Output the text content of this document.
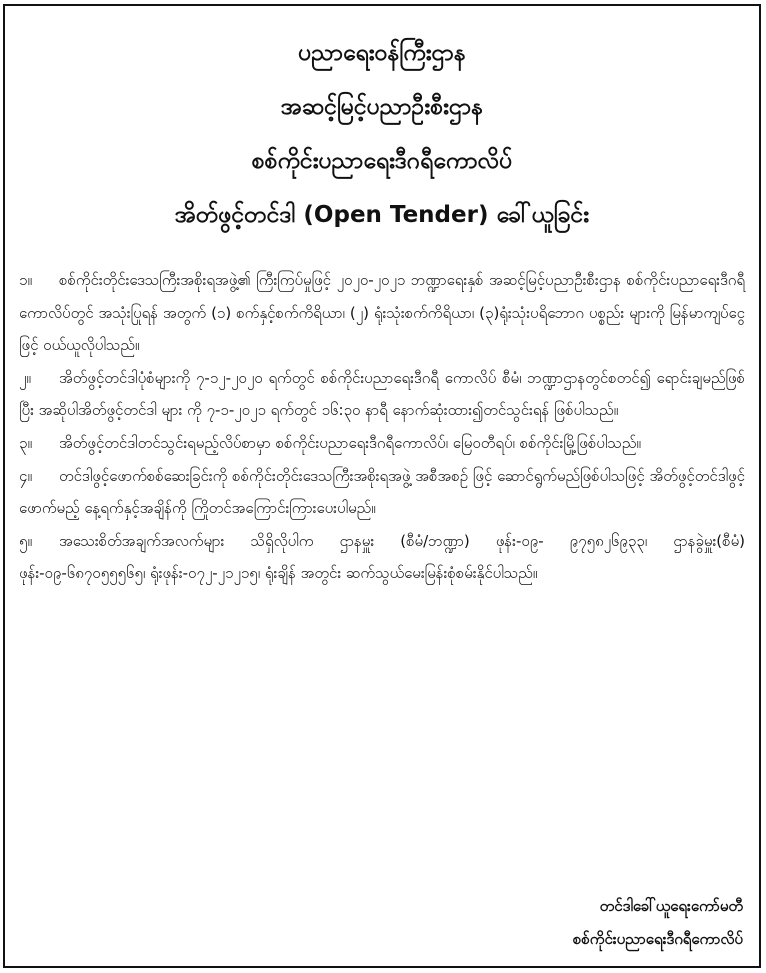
ပညာရေးဝန်ကြီးဌာန
အဆင့်မြင့်ပညာဦးစီးဌာန
စစ်ကိုင်းပညာရေးဒီဂရီကောလိပ်
အိတ်ဖွင့်တင်ဒါ (Open Tender) ခေါ်ယူခြင်း
၁။ စစ်ကိုင်းတိုင်းဒေသကြီးအစိုးရအဖွဲ့၏ ကြီးကြပ်မှုဖြင့် ၂၀၂၀-၂၀၂၁ ဘဏ္ဍာရေးနှစ် အဆင့်မြင့်ပညာဦးစီးဌာန စစ်ကိုင်းပညာရေးဒီဂရီကောလိပ်တွင် အသုံးပြုရန် အတွက် (၁) စက်နှင့်စက်ကိရိယာ၊ (၂) ရုံးသုံးစက်ကိရိယာ၊ (၃)ရုံးသုံးပရိဘောဂ ပစ္စည်း များကို မြန်မာကျပ်ငွေဖြင့် ဝယ်ယူလိုပါသည်။
၂။ အိတ်ဖွင့်တင်ဒါပုံစံများကို ၇-၁၂-၂၀၂၀ ရက်တွင် စစ်ကိုင်းပညာရေးဒီဂရီ ကောလိပ် စီမံ၊ ဘဏ္ဍာဌာနတွင်စတင်၍ ရောင်းချမည်ဖြစ်ပြီး အဆိုပါအိတ်ဖွင့်တင်ဒါ များ ကို ၇-၁-၂၀၂၁ ရက်တွင် ၁၆:၃၀ နာရီ နောက်ဆုံးထား၍တင်သွင်းရန် ဖြစ်ပါသည်။
၃။ အိတ်ဖွင့်တင်ဒါတင်သွင်းရမည့်လိပ်စာမှာ စစ်ကိုင်းပညာရေးဒီဂရီကောလိပ်၊ မြေဝတီရပ်၊ စစ်ကိုင်းမြို့ဖြစ်ပါသည်။
၄။ တင်ဒါဖွင့်ဖောက်စစ်ဆေးခြင်းကို စစ်ကိုင်းတိုင်းဒေသကြီးအစိုးရအဖွဲ့ အစီအစဉ် ဖြင့် ဆောင်ရွက်မည်ဖြစ်ပါသဖြင့် အိတ်ဖွင့်တင်ဒါဖွင့်ဖောက်မည့် နေ့ရက်နှင့်အချိန်ကို ကြိုတင်အကြောင်းကြားပေးပါမည်။
၅။ အသေးစိတ်အချက်အလက်များ သိရှိလိုပါက ဌာနမှူး (စီမံ/ဘဏ္ဍာ) ဖုန်း-၀၉- ၉၇၅၈၂၆၉၃၃၊ ဌာနခွဲမှူး(စီမံ) ဖုန်း-၀၉-၆၈၇၀၅၅၅၆၅၊ ရုံးဖုန်း-၀၇၂-၂၁၂၁၅၊ ရုံးချိန် အတွင်း ဆက်သွယ်မေးမြန်းစုံစမ်းနိုင်ပါသည်။
တင်ဒါခေါ်ယူရေးကော်မတီ
စစ်ကိုင်းပညာရေးဒီဂရီကောလိပ်
